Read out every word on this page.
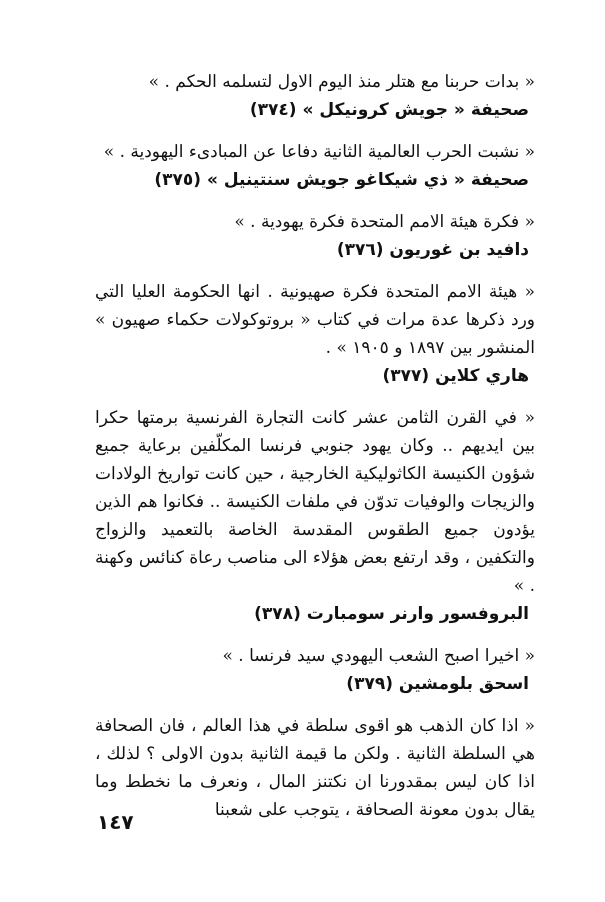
« بدات حربنا مع هتلر منذ اليوم الاول لتسلمه الحكم . »

صحيفة « جويش كرونيكل » (٣٧٤)

« نشبت الحرب العالمية الثانية دفاعا عن المبادىء اليهودية . »

صحيفة « ذي شيكاغو جويش سنتينيل » (٣٧٥)

« فكرة هيئة الامم المتحدة فكرة يهودية . »

دافيد بن غوريون (٣٧٦)

« هيئة الامم المتحدة فكرة صهيونية . انها الحكومة العليا التي ورد ذكرها عدة مرات في كتاب « بروتوكولات حكماء صهيون » المنشور بين ١٨٩٧ و ١٩٠٥ » .

هاري كلاين (٣٧٧)

« في القرن الثامن عشر كانت التجارة الفرنسية برمتها حكرا بين ايديهم .. وكان يهود جنوبي فرنسا المكلّفين برعاية جميع شؤون الكنيسة الكاثوليكية الخارجية ، حين كانت تواريخ الولادات والزيجات والوفيات تدوّن في ملفات الكنيسة .. فكانوا هم الذين يؤدون جميع الطقوس المقدسة الخاصة بالتعميد والزواج والتكفين ، وقد ارتفع بعض هؤلاء الى مناصب رعاة كنائس وكهنة . »

البروفسور وارنر سومبارت (٣٧٨)

« اخيرا اصبح الشعب اليهودي سيد فرنسا . »

اسحق بلومشين (٣٧٩)

« اذا كان الذهب هو اقوى سلطة في هذا العالم ، فان الصحافة هي السلطة الثانية . ولكن ما قيمة الثانية بدون الاولى ؟ لذلك ، اذا كان ليس بمقدورنا ان نكتنز المال ، ونعرف ما نخطط وما يقال بدون معونة الصحافة ، يتوجب على شعبنا

١٤٧
